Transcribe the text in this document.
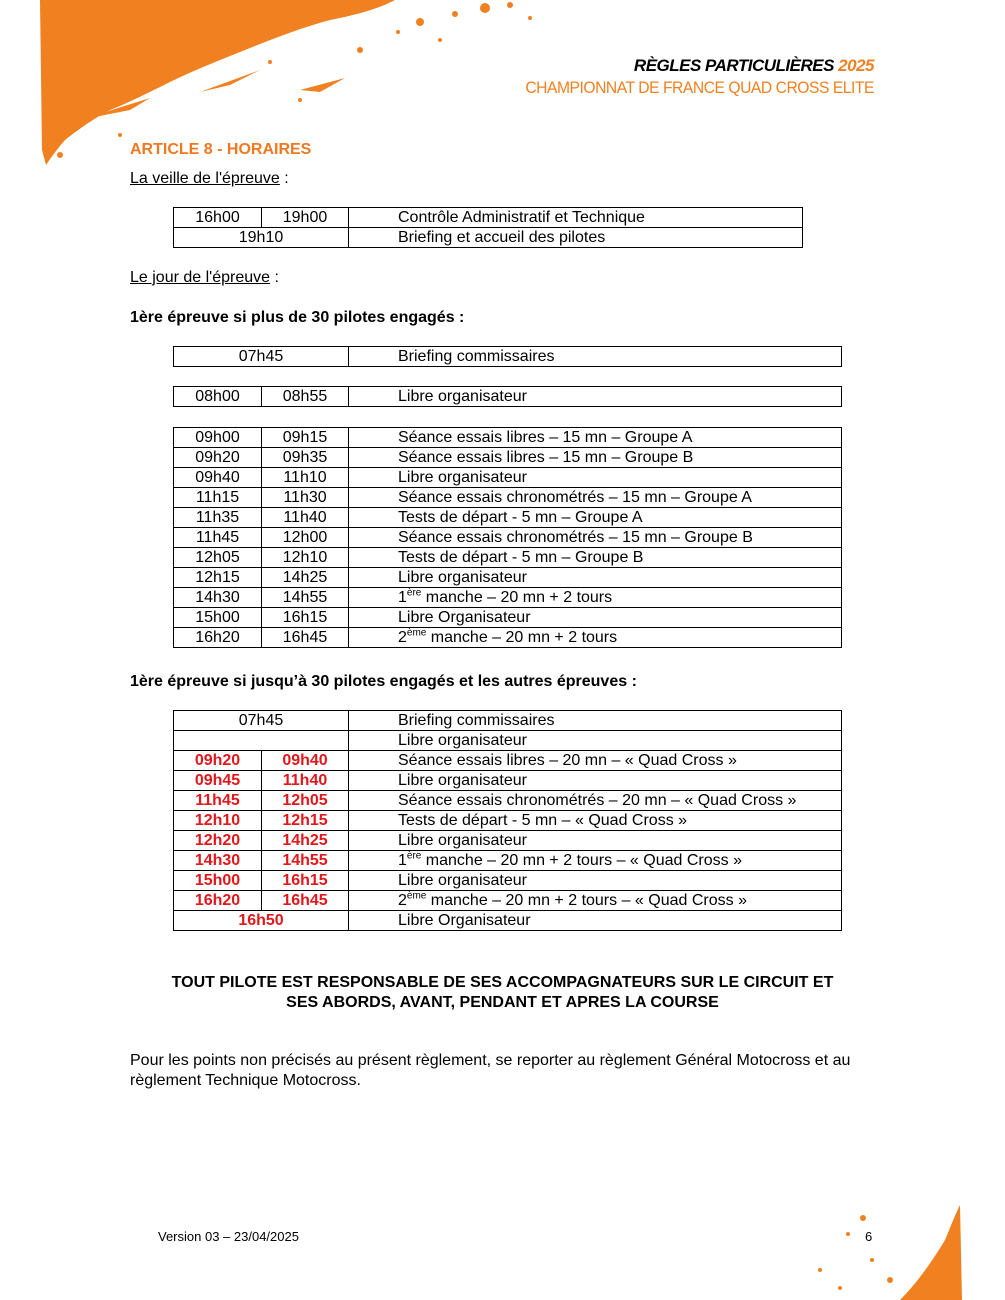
RÈGLES PARTICULIÈRES 2025
CHAMPIONNAT DE FRANCE QUAD CROSS ELITE
ARTICLE 8 - HORAIRES
La veille de l'épreuve :
16h00	19h00	Contrôle Administratif et Technique
19h10		Briefing et accueil des pilotes
Le jour de l'épreuve :
1ère épreuve si plus de 30 pilotes engagés :
07h45	Briefing commissaires
08h00	08h55	Libre organisateur
09h00	09h15	Séance essais libres – 15 mn – Groupe A
09h20	09h35	Séance essais libres – 15 mn – Groupe B
09h40	11h10	Libre organisateur
11h15	11h30	Séance essais chronométrés – 15 mn – Groupe A
11h35	11h40	Tests de départ - 5 mn – Groupe A
11h45	12h00	Séance essais chronométrés – 15 mn – Groupe B
12h05	12h10	Tests de départ - 5 mn – Groupe B
12h15	14h25	Libre organisateur
14h30	14h55	1ère manche – 20 mn + 2 tours
15h00	16h15	Libre Organisateur
16h20	16h45	2ème manche – 20 mn + 2 tours
1ère épreuve si jusqu’à 30 pilotes engagés et les autres épreuves :
07h45		Briefing commissaires
		Libre organisateur
09h20	09h40	Séance essais libres – 20 mn – « Quad Cross »
09h45	11h40	Libre organisateur
11h45	12h05	Séance essais chronométrés – 20 mn – « Quad Cross »
12h10	12h15	Tests de départ - 5 mn – « Quad Cross »
12h20	14h25	Libre organisateur
14h30	14h55	1ère manche – 20 mn + 2 tours – « Quad Cross »
15h00	16h15	Libre organisateur
16h20	16h45	2ème manche – 20 mn + 2 tours – « Quad Cross »
16h50		Libre Organisateur
TOUT PILOTE EST RESPONSABLE DE SES ACCOMPAGNATEURS SUR LE CIRCUIT ET
SES ABORDS, AVANT, PENDANT ET APRES LA COURSE
Pour les points non précisés au présent règlement, se reporter au règlement Général Motocross et au règlement Technique Motocross.
Version 03 – 23/04/2025	6
